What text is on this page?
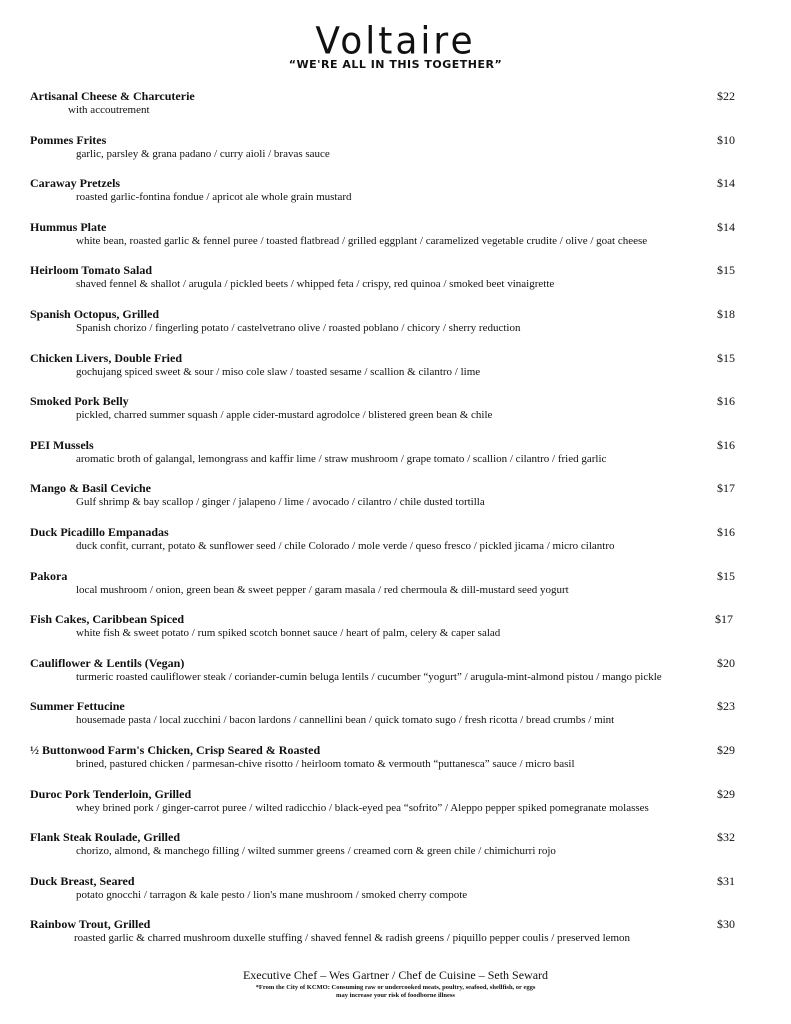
Voltaire
“WE'RE ALL IN THIS TOGETHER”
Artisanal Cheese & Charcuterie	$22
with accoutrement
Pommes Frites	$10
garlic, parsley & grana padano / curry aioli / bravas sauce
Caraway Pretzels	$14
roasted garlic-fontina fondue / apricot ale whole grain mustard
Hummus Plate	$14
white bean, roasted garlic & fennel puree / toasted flatbread / grilled eggplant / caramelized vegetable crudite / olive / goat cheese
Heirloom Tomato Salad	$15
shaved fennel & shallot / arugula / pickled beets / whipped feta / crispy, red quinoa / smoked beet vinaigrette
Spanish Octopus, Grilled	$18
Spanish chorizo / fingerling potato / castelvetrano olive / roasted poblano / chicory / sherry reduction
Chicken Livers, Double Fried	$15
gochujang spiced sweet & sour / miso cole slaw / toasted sesame / scallion & cilantro / lime
Smoked Pork Belly	$16
pickled, charred summer squash / apple cider-mustard agrodolce / blistered green bean & chile
PEI Mussels	$16
aromatic broth of galangal, lemongrass and kaffir lime / straw mushroom / grape tomato / scallion / cilantro / fried garlic
Mango & Basil Ceviche	$17
Gulf shrimp & bay scallop / ginger / jalapeno / lime / avocado / cilantro / chile dusted tortilla
Duck Picadillo Empanadas	$16
duck confit, currant, potato & sunflower seed / chile Colorado / mole verde / queso fresco / pickled jicama / micro cilantro
Pakora	$15
local mushroom / onion, green bean & sweet pepper / garam masala / red chermoula & dill-mustard seed yogurt
Fish Cakes, Caribbean Spiced	$17
white fish & sweet potato / rum spiked scotch bonnet sauce / heart of palm, celery & caper salad
Cauliflower & Lentils (Vegan)	$20
turmeric roasted cauliflower steak / coriander-cumin beluga lentils / cucumber “yogurt” / arugula-mint-almond pistou / mango pickle
Summer Fettucine	$23
housemade pasta / local zucchini / bacon lardons / cannellini bean / quick tomato sugo / fresh ricotta / bread crumbs / mint
½ Buttonwood Farm's Chicken, Crisp Seared & Roasted	$29
brined, pastured chicken / parmesan-chive risotto / heirloom tomato & vermouth “puttanesca” sauce / micro basil
Duroc Pork Tenderloin, Grilled	$29
whey brined pork / ginger-carrot puree / wilted radicchio / black-eyed pea “sofrito” / Aleppo pepper spiked pomegranate molasses
Flank Steak Roulade, Grilled	$32
chorizo, almond, & manchego filling / wilted summer greens / creamed corn & green chile / chimichurri rojo
Duck Breast, Seared	$31
potato gnocchi / tarragon & kale pesto / lion's mane mushroom / smoked cherry compote
Rainbow Trout, Grilled	$30
roasted garlic & charred mushroom duxelle stuffing / shaved fennel & radish greens / piquillo pepper coulis / preserved lemon
Executive Chef – Wes Gartner / Chef de Cuisine – Seth Seward
*From the City of KCMO: Consuming raw or undercooked meats, poultry, seafood, shellfish, or eggs
may increase your risk of foodborne illness
